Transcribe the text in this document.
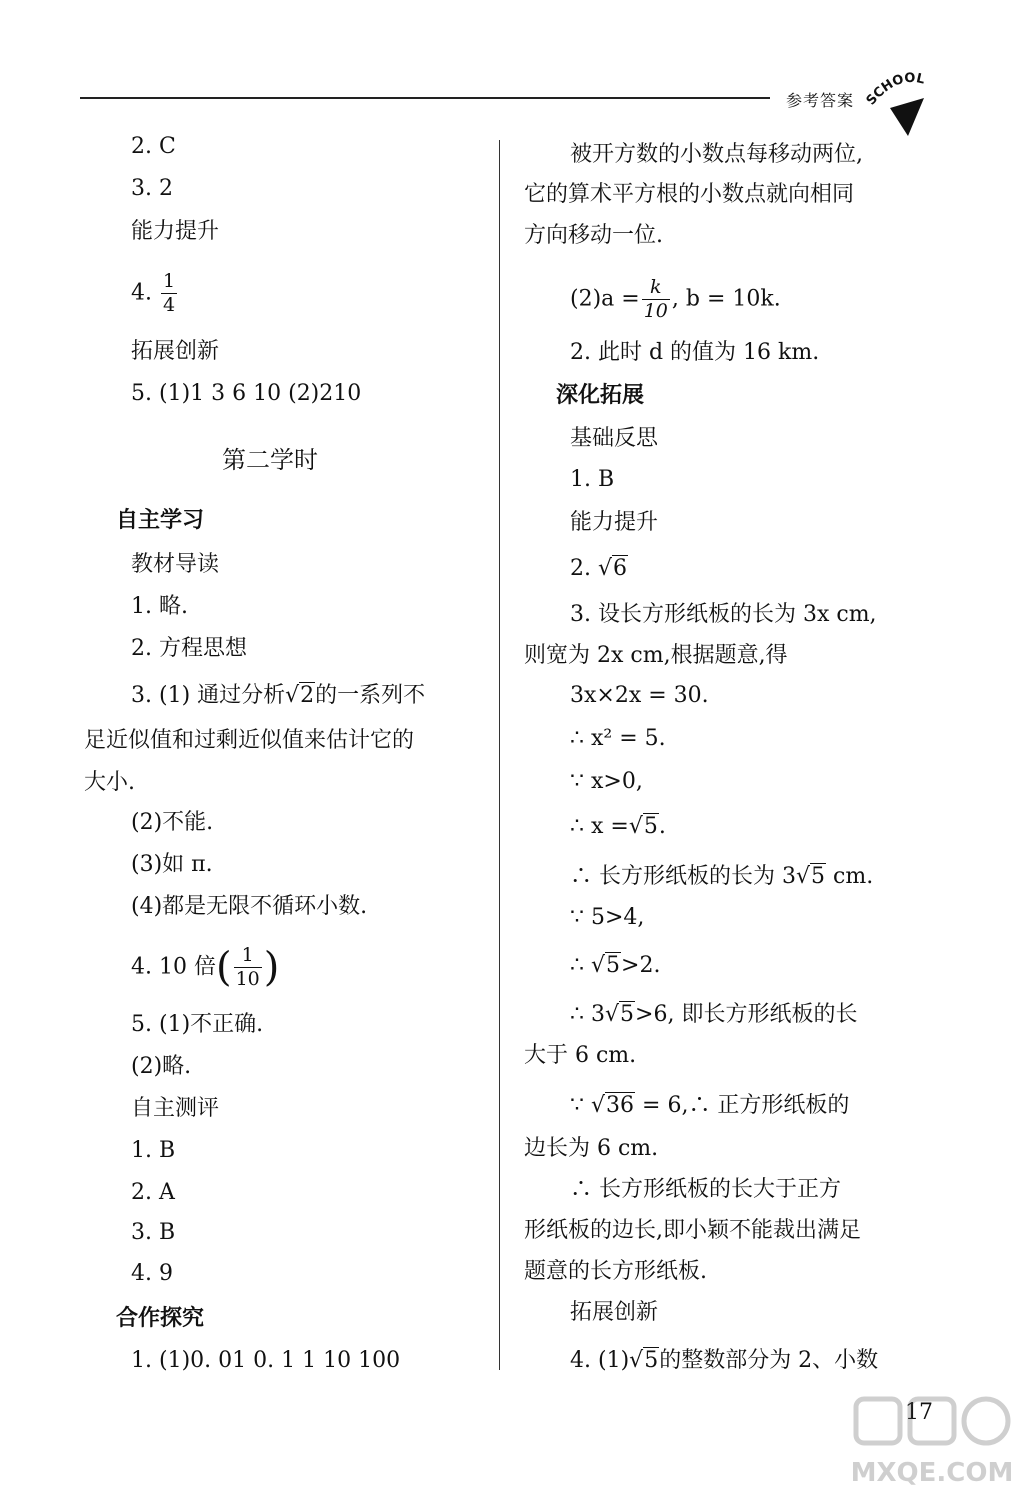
参考答案 SCHOOL
2. C
3. 2
能力提升
4. $\frac{1}{4}$
拓展创新
5. (1)1 3 6 10 (2)210
第二学时
自主学习
教材导读
1. 略.
2. 方程思想
3. (1) 通过分析√2的一系列不
足近似值和过剩近似值来估计它的
大小.
(2)不能.
(3)如 π.
(4)都是无限不循环小数.
4. 10 倍( $\frac{1}{10}$ )
5. (1)不正确.
(2)略.
自主测评
1. B
2. A
3. B
4. 9
合作探究
1. (1)0. 01 0. 1 1 10 100
被开方数的小数点每移动两位,
它的算术平方根的小数点就向相同
方向移动一位.
$(2)a = \frac{k}{10}$ , b = 10k.
2. 此时 d 的值为 16 km.
深化拓展
基础反思
1. B
能力提升
2. √6
3. 设长方形纸板的长为 3x cm,
则宽为 2x cm,根据题意,得
3x×2x = 30.
∴ x² = 5.
∵ x>0,
∴ x =√5.
∴ 长方形纸板的长为 3√5 cm.
∵ 5>4,
∴ √5>2.
∴ 3√5>6, 即长方形纸板的长
大于 6 cm.
∵ √36 = 6,∴ 正方形纸板的
边长为 6 cm.
∴ 长方形纸板的长大于正方
形纸板的边长,即小颖不能裁出满足
题意的长方形纸板.
拓展创新
4. (1)√5的整数部分为 2、小数
17
MXQE.COM
